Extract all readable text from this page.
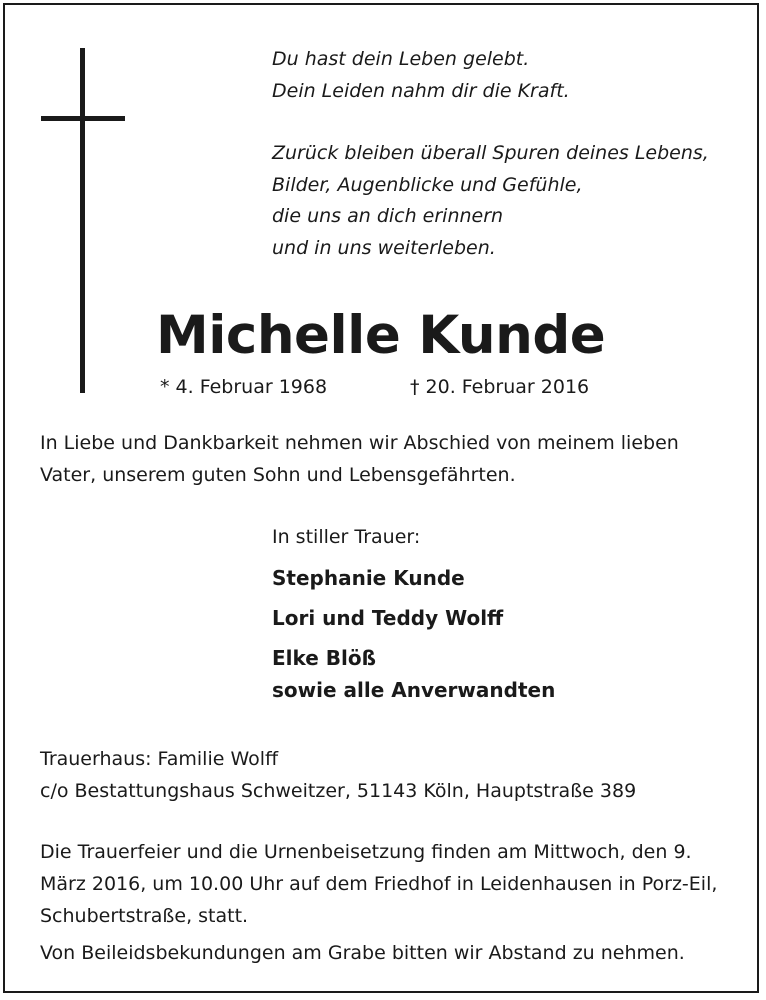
Du hast dein Leben gelebt.
Dein Leiden nahm dir die Kraft.
Zurück bleiben überall Spuren deines Lebens,
Bilder, Augenblicke und Gefühle,
die uns an dich erinnern
und in uns weiterleben.
Michelle Kunde
* 4. Februar 1968	† 20. Februar 2016
In Liebe und Dankbarkeit nehmen wir Abschied von meinem lieben Vater, unserem guten Sohn und Lebensgefährten.
In stiller Trauer:
Stephanie Kunde
Lori und Teddy Wolff
Elke Blöß
sowie alle Anverwandten
Trauerhaus: Familie Wolff
c/o Bestattungshaus Schweitzer, 51143 Köln, Hauptstraße 389
Die Trauerfeier und die Urnenbeisetzung finden am Mittwoch, den 9. März 2016, um 10.00 Uhr auf dem Friedhof in Leidenhausen in Porz-Eil, Schubertstraße, statt.
Von Beileidsbekundungen am Grabe bitten wir Abstand zu nehmen.
